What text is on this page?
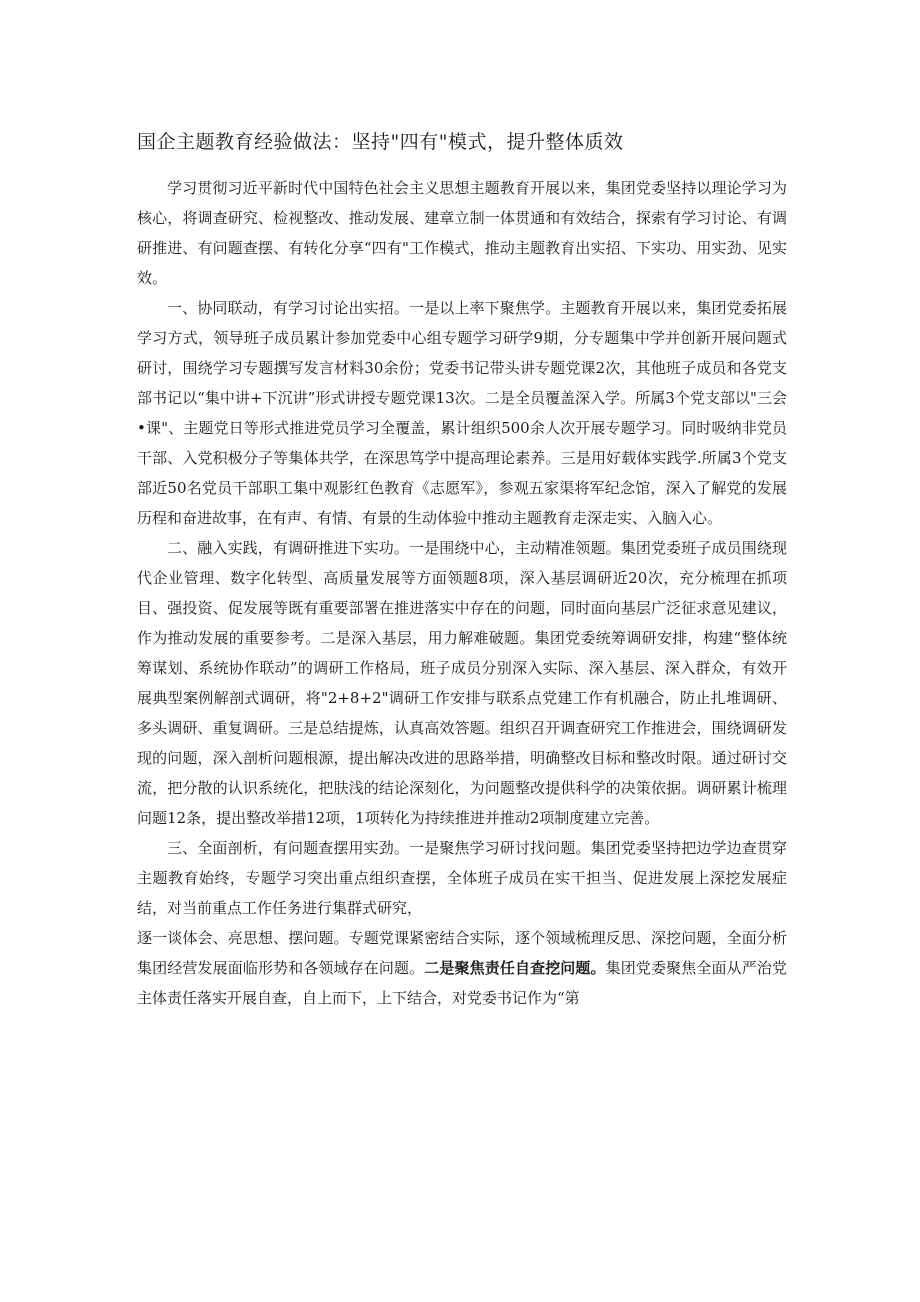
国企主题教育经验做法：坚持"四有"模式，提升整体质效

学习贯彻习近平新时代中国特色社会主义思想主题教育开展以来，集团党委坚持以理论学习为核心，将调查研究、检视整改、推动发展、建章立制一体贯通和有效结合，探索有学习讨论、有调研推进、有问题查摆、有转化分享“四有"工作模式，推动主题教育出实招、下实功、用实劲、见实效。

一、协同联动，有学习讨论出实招。一是以上率下聚焦学。主题教育开展以来，集团党委拓展学习方式，领导班子成员累计参加党委中心组专题学习研学9期，分专题集中学并创新开展问题式研讨，围绕学习专题撰写发言材料30余份；党委书记带头讲专题党课2次，其他班子成员和各党支部书记以“集中讲+下沉讲”形式讲授专题党课13次。二是全员覆盖深入学。所属3个党支部以"三会•课"、主题党日等形式推进党员学习全覆盖，累计组织500余人次开展专题学习。同时吸纳非党员干部、入党积极分子等集体共学，在深思笃学中提高理论素养。三是用好载体实践学.所属3个党支部近50名党员干部职工集中观影红色教育《志愿军》，参观五家渠将军纪念馆，深入了解党的发展历程和奋进故事，在有声、有情、有景的生动体验中推动主题教育走深走实、入脑入心。

二、融入实践，有调研推进下实功。一是围绕中心，主动精准领题。集团党委班子成员围绕现代企业管理、数字化转型、高质量发展等方面领题8项，深入基层调研近20次，充分梳理在抓项目、强投资、促发展等既有重要部署在推进落实中存在的问题，同时面向基层广泛征求意见建议，作为推动发展的重要参考。二是深入基层，用力解难破题。集团党委统筹调研安排，构建“整体统筹谋划、系统协作联动”的调研工作格局，班子成员分别深入实际、深入基层、深入群众，有效开展典型案例解剖式调研，将"2+8+2"调研工作安排与联系点党建工作有机融合，防止扎堆调研、多头调研、重复调研。三是总结提炼，认真高效答题。组织召开调查研究工作推进会，围绕调研发现的问题，深入剖析问题根源，提出解决改进的思路举措，明确整改目标和整改时限。通过研讨交流，把分散的认识系统化，把肤浅的结论深刻化，为问题整改提供科学的决策依据。调研累计梳理问题12条，提出整改举措12项，1项转化为持续推进并推动2项制度建立完善。

三、全面剖析，有问题查摆用实劲。一是聚焦学习研讨找问题。集团党委坚持把边学边查贯穿主题教育始终，专题学习突出重点组织查摆，全体班子成员在实干担当、促进发展上深挖发展症结，对当前重点工作任务进行集群式研究，

逐一谈体会、亮思想、摆问题。专题党课紧密结合实际，逐个领域梳理反思、深挖问题，全面分析集团经营发展面临形势和各领域存在问题。二是聚焦责任自查挖问题。集团党委聚焦全面从严治党主体责任落实开展自查，自上而下，上下结合，对党委书记作为“第
